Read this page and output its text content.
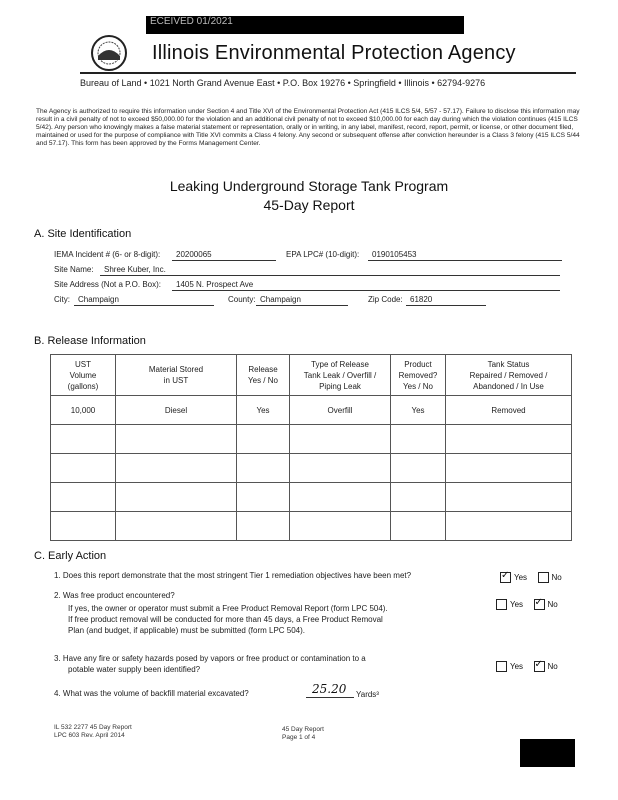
ECEIVED 01/2021
Illinois Environmental Protection Agency
Bureau of Land • 1021 North Grand Avenue East • P.O. Box 19276 • Springfield • Illinois • 62794-9276
The Agency is authorized to require this information under Section 4 and Title XVI of the Environmental Protection Act (415 ILCS 5/4, 5/57 - 57.17). Failure to disclose this information may result in a civil penalty of not to exceed $50,000.00 for the violation and an additional civil penalty of not to exceed $10,000.00 for each day during which the violation continues (415 ILCS 5/42). Any person who knowingly makes a false material statement or representation, orally or in writing, in any label, manifest, record, report, permit, or license, or other document filed, maintained or used for the purpose of compliance with Title XVI commits a Class 4 felony. Any second or subsequent offense after conviction hereunder is a Class 3 felony (415 ILCS 5/44 and 57.17). This form has been approved by the Forms Management Center.
Leaking Underground Storage Tank Program
45-Day Report
A. Site Identification
IEMA Incident # (6- or 8-digit): 20200065	EPA LPC# (10-digit): 0190105453
Site Name: Shree Kuber, Inc.
Site Address (Not a P.O. Box): 1405 N. Prospect Ave
City: Champaign	County: Champaign	Zip Code: 61820
B. Release Information
UST
Volume
(gallons)	Material Stored
in UST	Release
Yes / No	Type of Release
Tank Leak / Overfill /
Piping Leak	Product
Removed?
Yes / No	Tank Status
Repaired / Removed /
Abandoned / In Use
10,000	Diesel	Yes	Overfill	Yes	Removed

C. Early Action
1. Does this report demonstrate that the most stringent Tier 1 remediation objectives have been met? ✓	Yes	No
2. Was free product encountered?
Yes ✓	No
If yes, the owner or operator must submit a Free Product Removal Report (form LPC 504).
If free product removal will be conducted for more than 45 days, a Free Product Removal
Plan (and budget, if applicable) must be submitted (form LPC 504).
3. Have any fire or safety hazards posed by vapors or free product or contamination to a
potable water supply been identified?	Yes ✓	No
4. What was the volume of backfill material excavated?	25.20 Yards³
IL 532 2277 45 Day Report
LPC 603 Rev. April 2014
45 Day Report
Page 1 of 4
